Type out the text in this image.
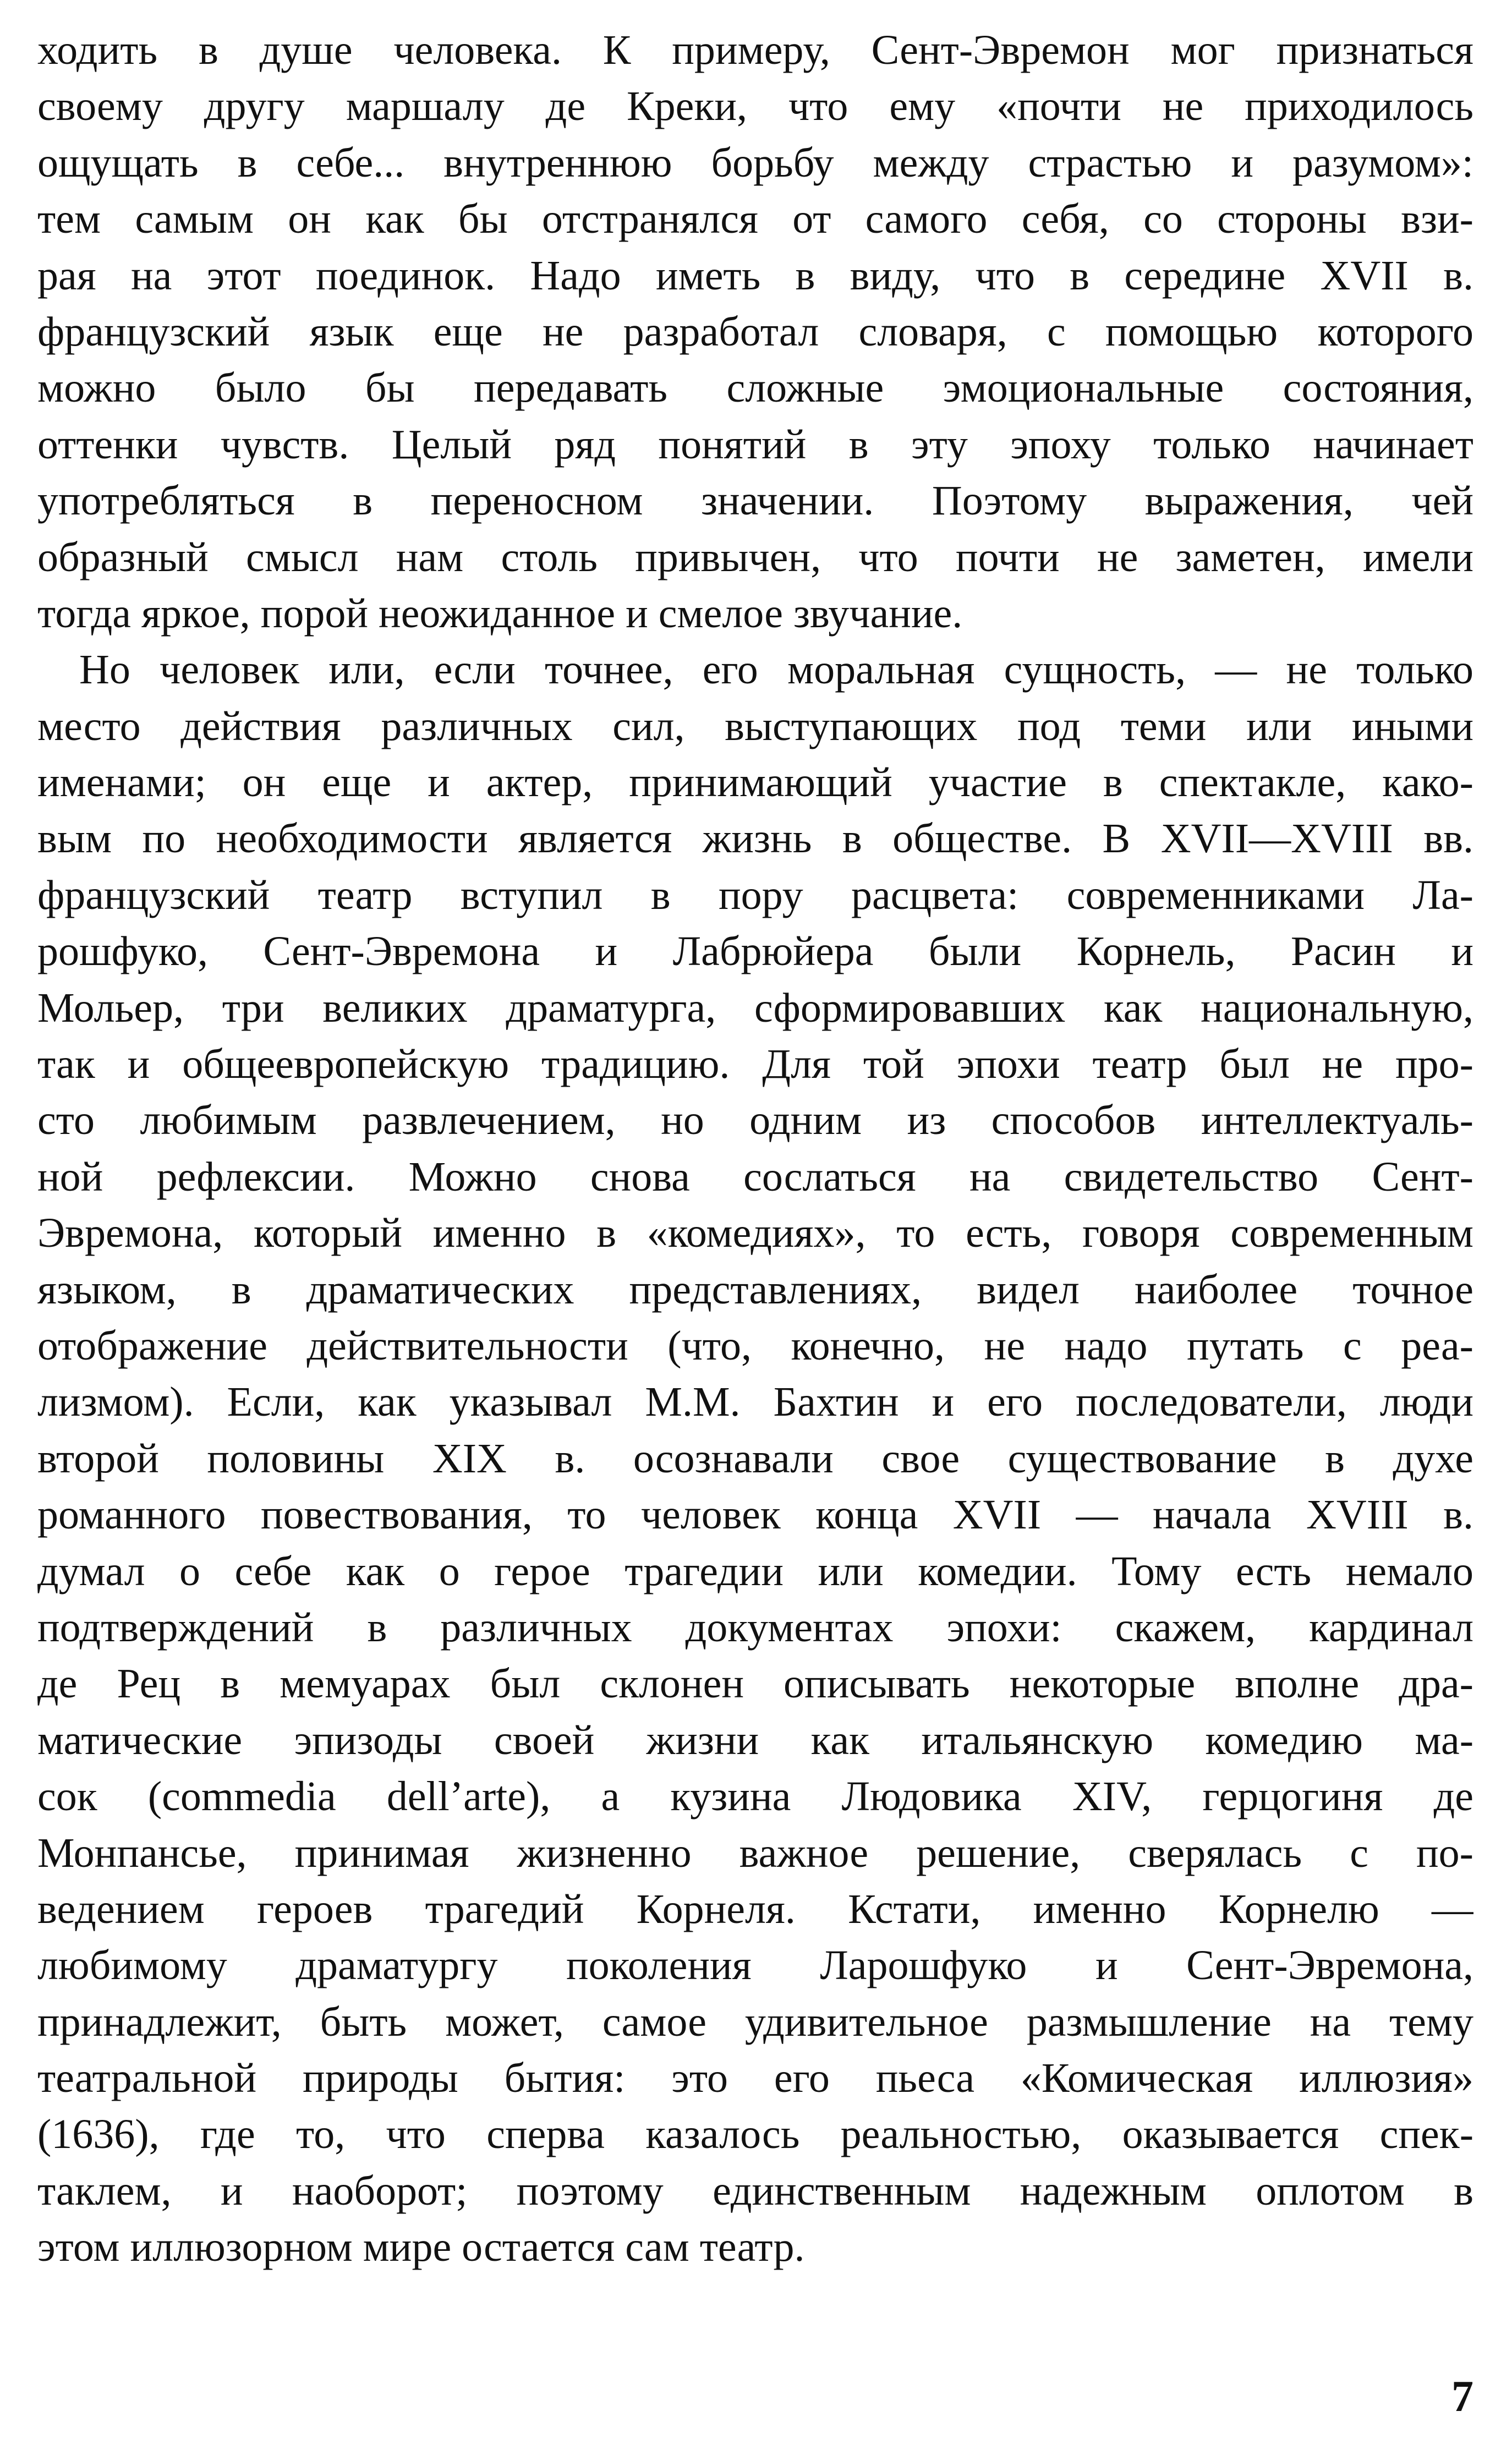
ходить в душе человека. К примеру, Сент-Эвремон мог признаться
своему другу маршалу де Креки, что ему «почти не приходилось
ощущать в себе... внутреннюю борьбу между страстью и разумом»:
тем самым он как бы отстранялся от самого себя, со стороны взи-
рая на этот поединок. Надо иметь в виду, что в середине XVII в.
французский язык еще не разработал словаря, с помощью которого
можно было бы передавать сложные эмоциональные состояния,
оттенки чувств. Целый ряд понятий в эту эпоху только начинает
употребляться в переносном значении. Поэтому выражения, чей
образный смысл нам столь привычен, что почти не заметен, имели
тогда яркое, порой неожиданное и смелое звучание.
Но человек или, если точнее, его моральная сущность, — не только
место действия различных сил, выступающих под теми или иными
именами; он еще и актер, принимающий участие в спектакле, како-
вым по необходимости является жизнь в обществе. В XVII—XVIII вв.
французский театр вступил в пору расцвета: современниками Ла-
рошфуко, Сент-Эвремона и Лабрюйера были Корнель, Расин и
Мольер, три великих драматурга, сформировавших как национальную,
так и общеевропейскую традицию. Для той эпохи театр был не про-
сто любимым развлечением, но одним из способов интеллектуаль-
ной рефлексии. Можно снова сослаться на свидетельство Сент-
Эвремона, который именно в «комедиях», то есть, говоря современным
языком, в драматических представлениях, видел наиболее точное
отображение действительности (что, конечно, не надо путать с реа-
лизмом). Если, как указывал М.М. Бахтин и его последователи, люди
второй половины XIX в. осознавали свое существование в духе
романного повествования, то человек конца XVII — начала XVIII в.
думал о себе как о герое трагедии или комедии. Тому есть немало
подтверждений в различных документах эпохи: скажем, кардинал
де Рец в мемуарах был склонен описывать некоторые вполне дра-
матические эпизоды своей жизни как итальянскую комедию ма-
сок (commedia dell’arte), а кузина Людовика XIV, герцогиня де
Монпансье, принимая жизненно важное решение, сверялась с по-
ведением героев трагедий Корнеля. Кстати, именно Корнелю —
любимому драматургу поколения Ларошфуко и Сент-Эвремона,
принадлежит, быть может, самое удивительное размышление на тему
театральной природы бытия: это его пьеса «Комическая иллюзия»
(1636), где то, что сперва казалось реальностью, оказывается спек-
таклем, и наоборот; поэтому единственным надежным оплотом в
этом иллюзорном мире остается сам театр.
7
